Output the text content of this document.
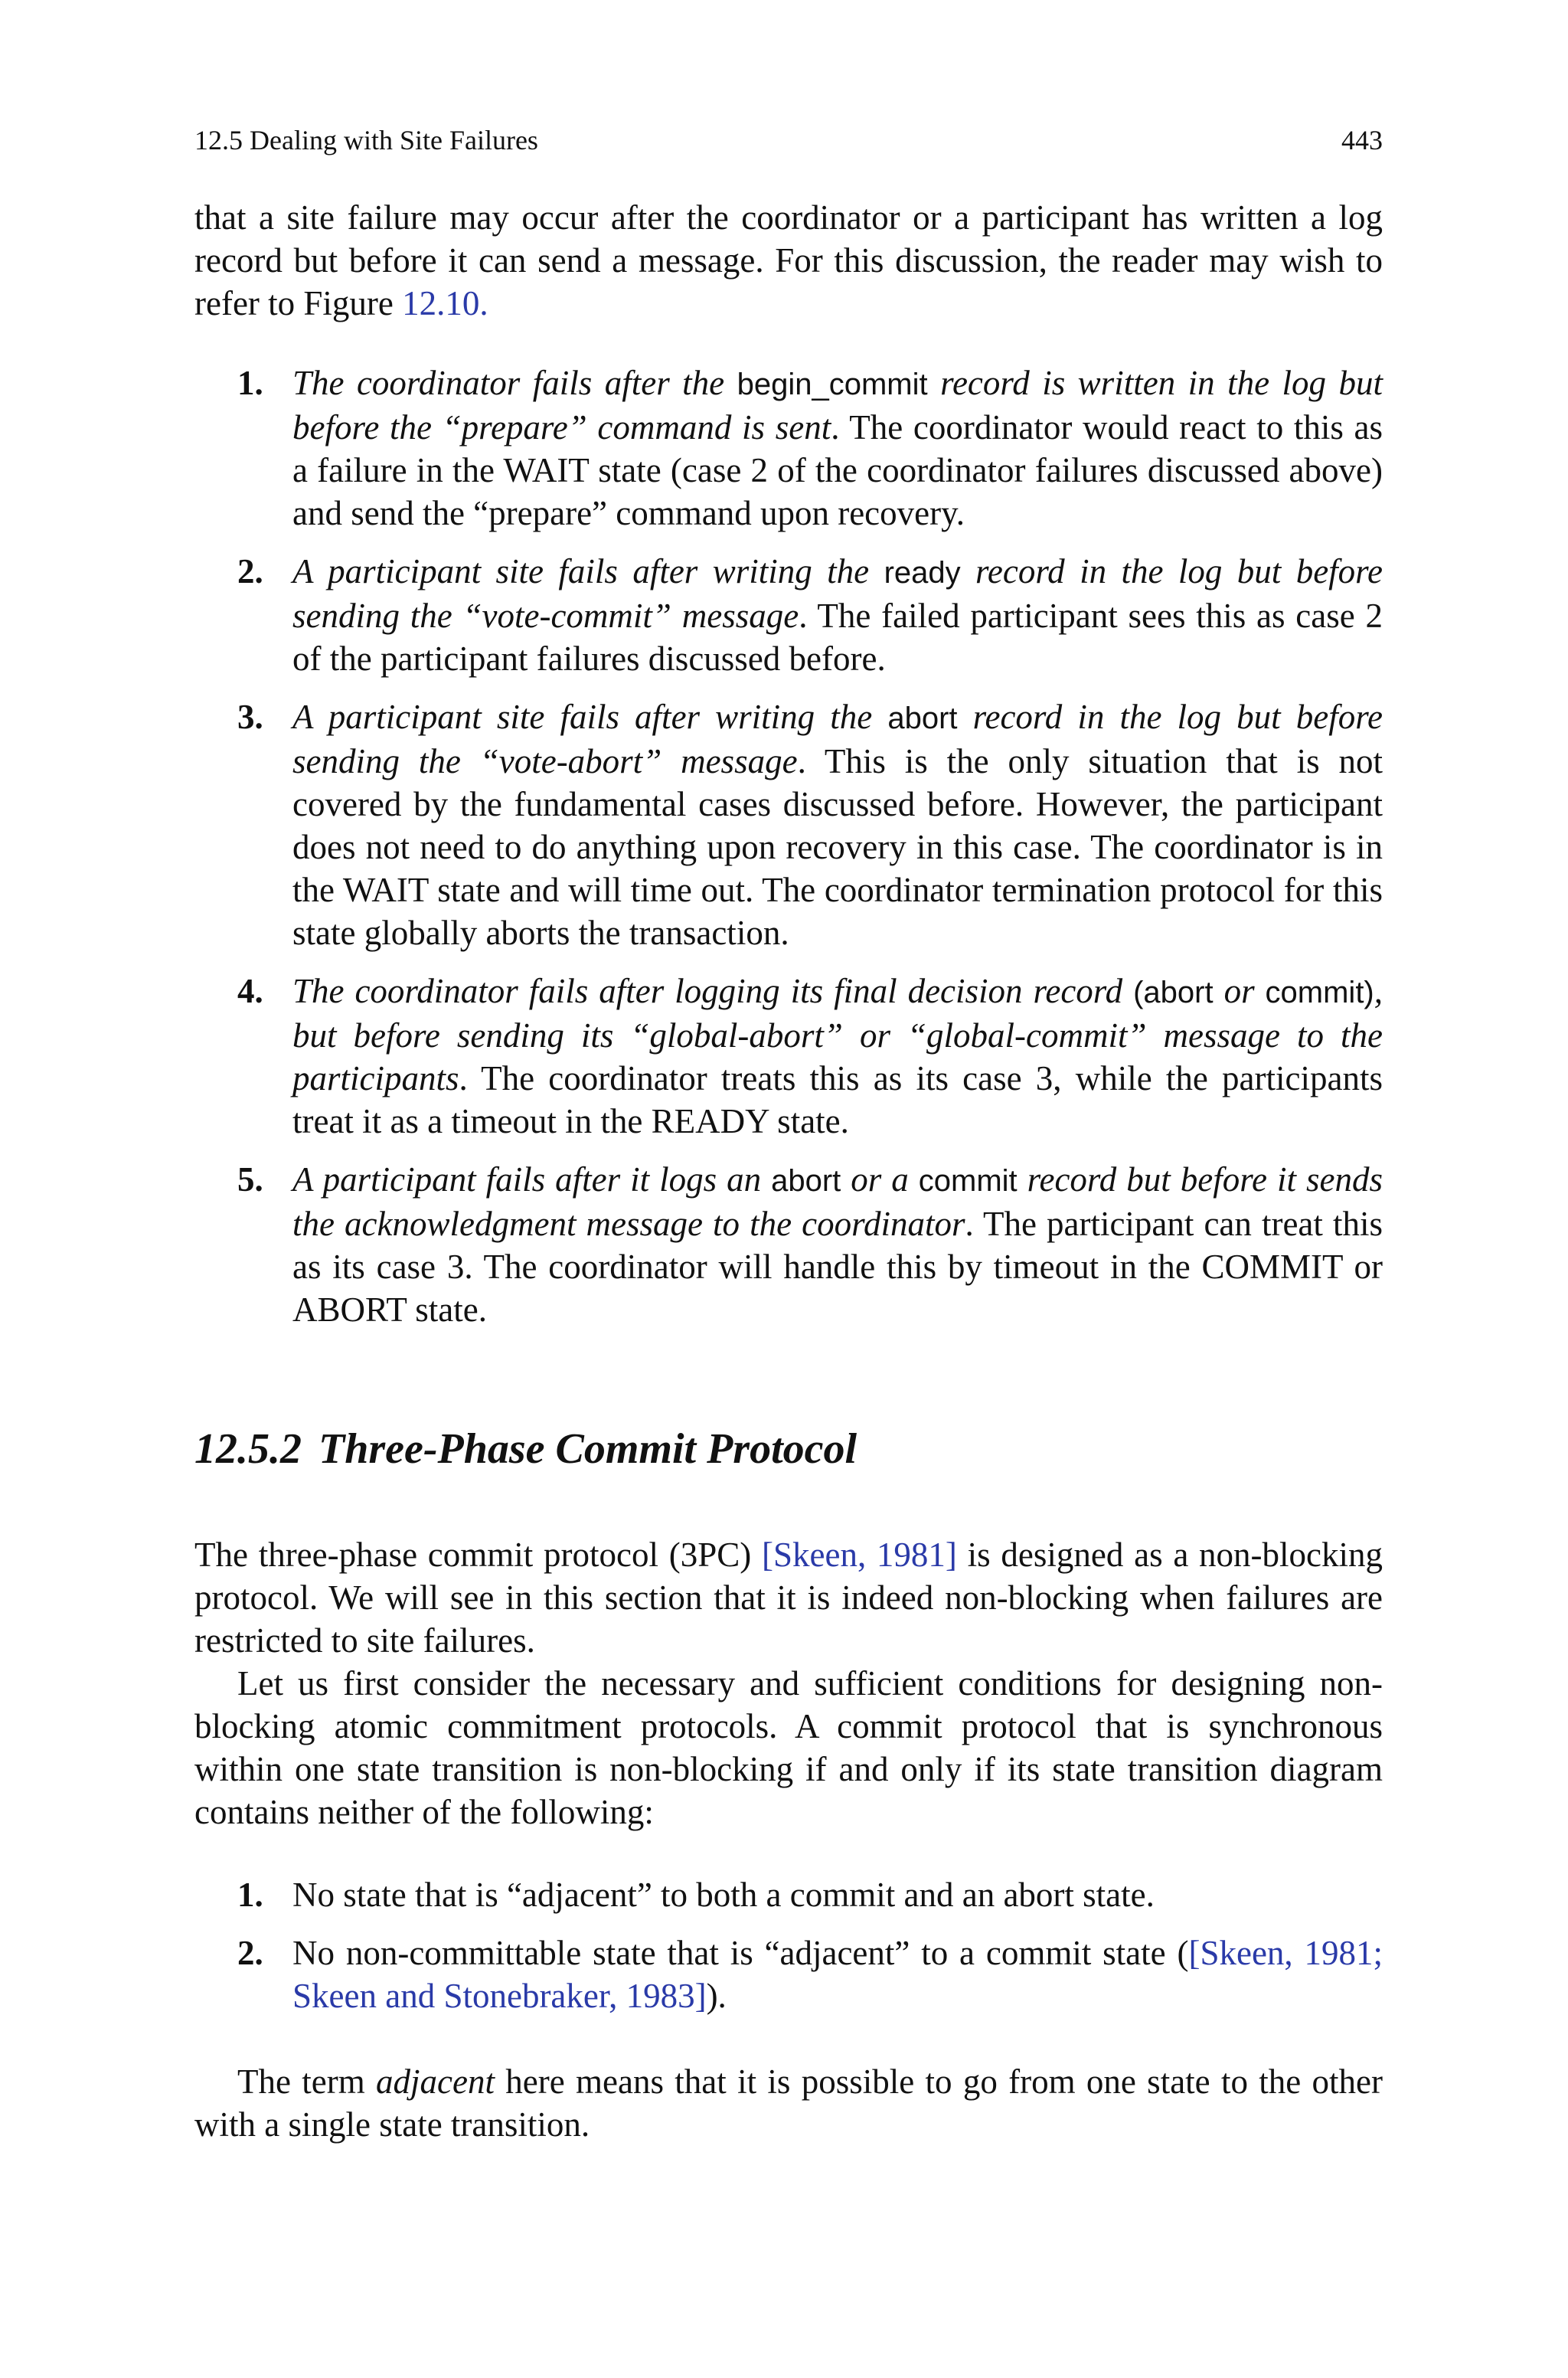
12.5 Dealing with Site Failures	443

that a site failure may occur after the coordinator or a participant has written a log record but before it can send a message. For this discussion, the reader may wish to refer to Figure 12.10.

1. The coordinator fails after the begin_commit record is written in the log but before the “prepare” command is sent. The coordinator would react to this as a failure in the WAIT state (case 2 of the coordinator failures discussed above) and send the “prepare” command upon recovery.
2. A participant site fails after writing the ready record in the log but before sending the “vote-commit” message. The failed participant sees this as case 2 of the participant failures discussed before.
3. A participant site fails after writing the abort record in the log but before sending the “vote-abort” message. This is the only situation that is not covered by the fundamental cases discussed before. However, the participant does not need to do anything upon recovery in this case. The coordinator is in the WAIT state and will time out. The coordinator termination protocol for this state globally aborts the transaction.
4. The coordinator fails after logging its final decision record (abort or commit), but before sending its “global-abort” or “global-commit” message to the participants. The coordinator treats this as its case 3, while the participants treat it as a timeout in the READY state.
5. A participant fails after it logs an abort or a commit record but before it sends the acknowledgment message to the coordinator. The participant can treat this as its case 3. The coordinator will handle this by timeout in the COMMIT or ABORT state.
12.5.2 Three-Phase Commit Protocol

The three-phase commit protocol (3PC) [Skeen, 1981] is designed as a non-blocking protocol. We will see in this section that it is indeed non-blocking when failures are restricted to site failures.

Let us first consider the necessary and sufficient conditions for designing non-blocking atomic commitment protocols. A commit protocol that is synchronous within one state transition is non-blocking if and only if its state transition diagram contains neither of the following:

1. No state that is “adjacent” to both a commit and an abort state.
2. No non-committable state that is “adjacent” to a commit state ([Skeen, 1981; Skeen and Stonebraker, 1983]).

The term adjacent here means that it is possible to go from one state to the other with a single state transition.
